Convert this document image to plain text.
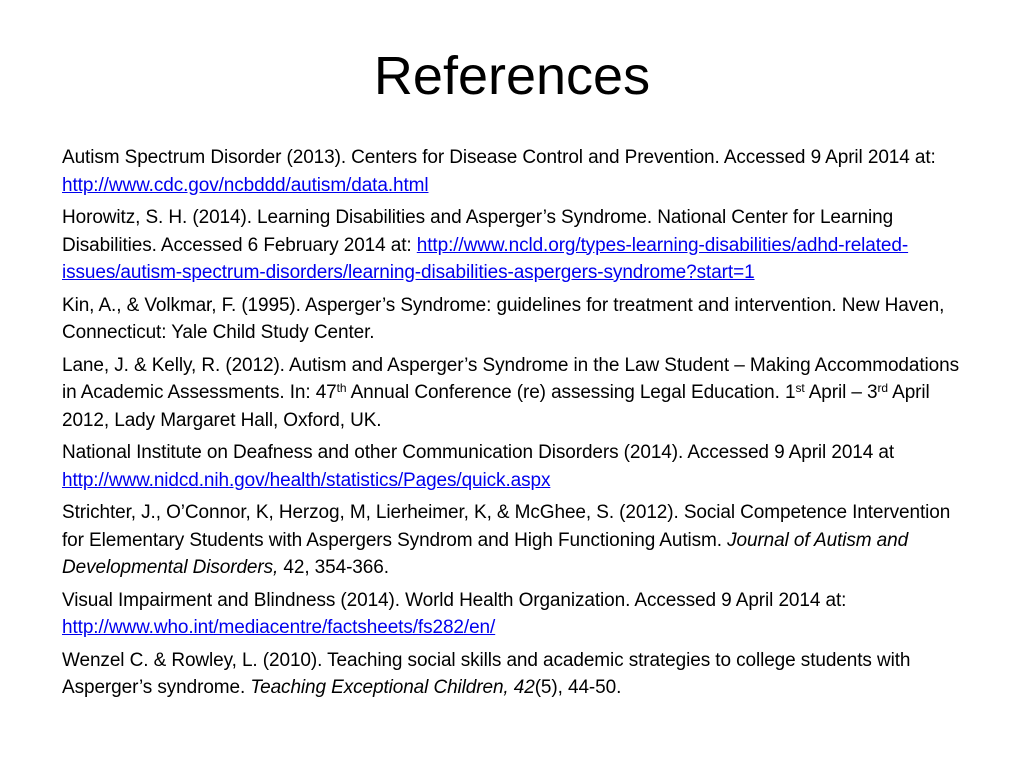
References

Autism Spectrum Disorder (2013). Centers for Disease Control and Prevention. Accessed 9 April 2014 at: http://www.cdc.gov/ncbddd/autism/data.html

Horowitz, S. H. (2014). Learning Disabilities and Asperger’s Syndrome. National Center for Learning Disabilities. Accessed 6 February 2014 at: http://www.ncld.org/types-learning-disabilities/adhd-related-issues/autism-spectrum-disorders/learning-disabilities-aspergers-syndrome?start=1

Kin, A., & Volkmar, F. (1995). Asperger’s Syndrome: guidelines for treatment and intervention. New Haven, Connecticut: Yale Child Study Center.

Lane, J. & Kelly, R. (2012). Autism and Asperger’s Syndrome in the Law Student – Making Accommodations in Academic Assessments. In: 47th Annual Conference (re) assessing Legal Education. 1st April – 3rd April 2012, Lady Margaret Hall, Oxford, UK.

National Institute on Deafness and other Communication Disorders (2014). Accessed 9 April 2014 at http://www.nidcd.nih.gov/health/statistics/Pages/quick.aspx

Strichter, J., O’Connor, K, Herzog, M, Lierheimer, K, & McGhee, S. (2012). Social Competence Intervention for Elementary Students with Aspergers Syndrom and High Functioning Autism. Journal of Autism and Developmental Disorders, 42, 354-366.

Visual Impairment and Blindness (2014). World Health Organization. Accessed 9 April 2014 at: http://www.who.int/mediacentre/factsheets/fs282/en/

Wenzel C. & Rowley, L. (2010). Teaching social skills and academic strategies to college students with Asperger’s syndrome. Teaching Exceptional Children, 42(5), 44-50.
